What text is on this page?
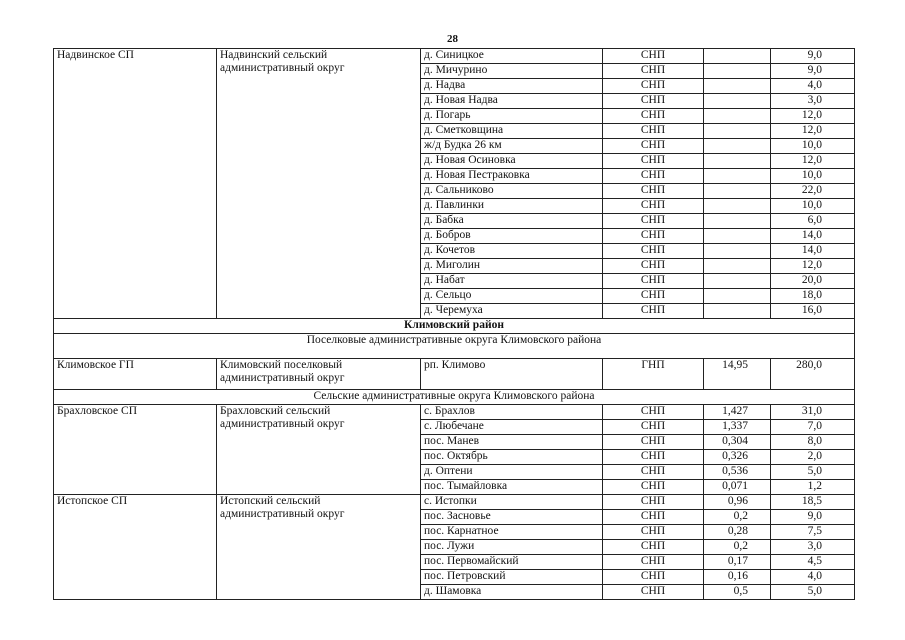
28
Надвинское СП	Надвинский сельский административный округ	д. Синицкое	СНП		9,0
		д. Мичурино	СНП		9,0
		д. Надва	СНП		4,0
		д. Новая Надва	СНП		3,0
		д. Погарь	СНП		12,0
		д. Сметковщина	СНП		12,0
		ж/д Будка 26 км	СНП		10,0
		д. Новая Осиновка	СНП		12,0
		д. Новая Пестраковка	СНП		10,0
		д. Сальниково	СНП		22,0
		д. Павлинки	СНП		10,0
		д. Бабка	СНП		6,0
		д. Бобров	СНП		14,0
		д. Кочетов	СНП		14,0
		д. Миголин	СНП		12,0
		д. Набат	СНП		20,0
		д. Сельцо	СНП		18,0
		д. Черемуха	СНП		16,0
Климовский район					
Поселковые административные округа Климовского района					
Климовское ГП	Климовский поселковый административный округ	рп. Климово	ГНП	14,95	280,0
Сельские административные округа Климовского района					
Брахловское СП	Брахловский сельский административный округ	с. Брахлов	СНП	1,427	31,0
		с. Любечане	СНП	1,337	7,0
		пос. Манев	СНП	0,304	8,0
		пос. Октябрь	СНП	0,326	2,0
		д. Оптени	СНП	0,536	5,0
		пос. Тымайловка	СНП	0,071	1,2
Истопское СП	Истопский сельский административный округ	с. Истопки	СНП	0,96	18,5
		пос. Засновье	СНП	0,2	9,0
		пос. Карнатное	СНП	0,28	7,5
		пос. Лужи	СНП	0,2	3,0
		пос. Первомайский	СНП	0,17	4,5
		пос. Петровский	СНП	0,16	4,0
		д. Шамовка	СНП	0,5	5,0
